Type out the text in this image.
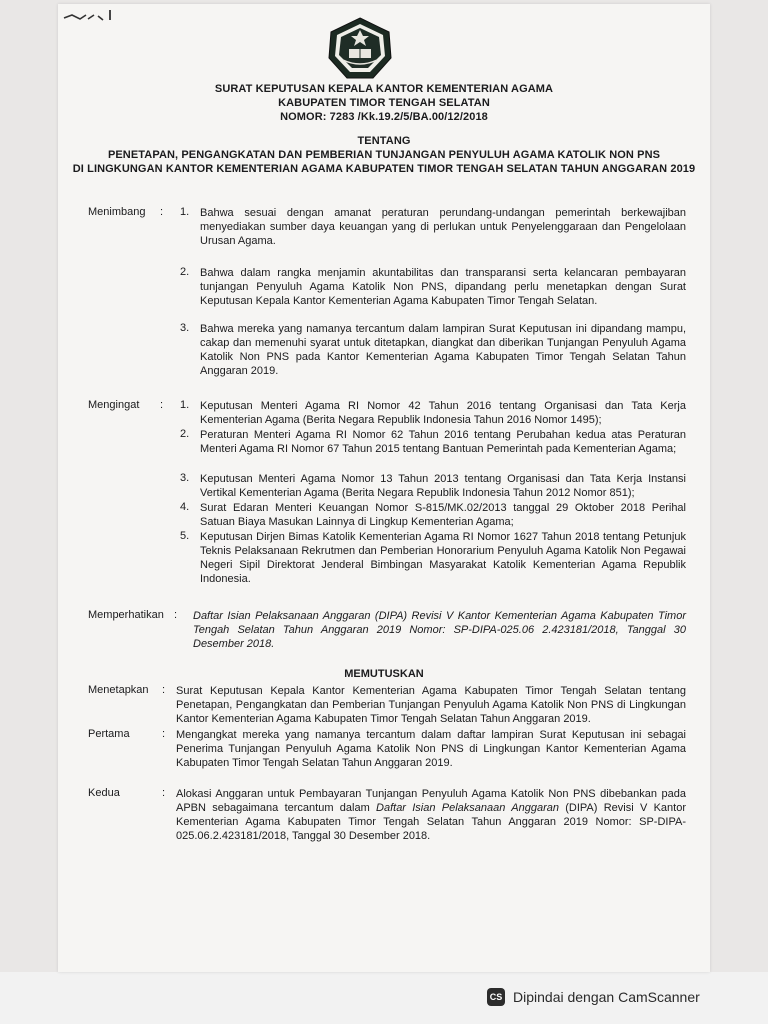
SURAT KEPUTUSAN KEPALA KANTOR KEMENTERIAN AGAMA
KABUPATEN TIMOR TENGAH SELATAN
NOMOR: 7283 /Kk.19.2/5/BA.00/12/2018
TENTANG
PENETAPAN, PENGANGKATAN DAN PEMBERIAN TUNJANGAN PENYULUH AGAMA KATOLIK NON PNS
DI LINGKUNGAN KANTOR KEMENTERIAN AGAMA KABUPATEN TIMOR TENGAH SELATAN TAHUN ANGGARAN 2019
Menimbang : 1. Bahwa sesuai dengan amanat peraturan perundang-undangan pemerintah berkewajiban menyediakan sumber daya keuangan yang di perlukan untuk Penyelenggaraan dan Pengelolaan Urusan Agama.
2. Bahwa dalam rangka menjamin akuntabilitas dan transparansi serta kelancaran pembayaran tunjangan Penyuluh Agama Katolik Non PNS, dipandang perlu menetapkan dengan Surat Keputusan Kepala Kantor Kementerian Agama Kabupaten Timor Tengah Selatan.
3. Bahwa mereka yang namanya tercantum dalam lampiran Surat Keputusan ini dipandang mampu, cakap dan memenuhi syarat untuk ditetapkan, diangkat dan diberikan Tunjangan Penyuluh Agama Katolik Non PNS pada Kantor Kementerian Agama Kabupaten Timor Tengah Selatan Tahun Anggaran 2019.
Mengingat : 1. Keputusan Menteri Agama RI Nomor 42 Tahun 2016 tentang Organisasi dan Tata Kerja Kementerian Agama (Berita Negara Republik Indonesia Tahun 2016 Nomor 1495);
2. Peraturan Menteri Agama RI Nomor 62 Tahun 2016 tentang Perubahan kedua atas Peraturan Menteri Agama RI Nomor 67 Tahun 2015 tentang Bantuan Pemerintah pada Kementerian Agama;
3. Keputusan Menteri Agama Nomor 13 Tahun 2013 tentang Organisasi dan Tata Kerja Instansi Vertikal Kementerian Agama (Berita Negara Republik Indonesia Tahun 2012 Nomor 851);
4. Surat Edaran Menteri Keuangan Nomor S-815/MK.02/2013 tanggal 29 Oktober 2018 Perihal Satuan Biaya Masukan Lainnya di Lingkup Kementerian Agama;
5. Keputusan Dirjen Bimas Katolik Kementerian Agama RI Nomor 1627 Tahun 2018 tentang Petunjuk Teknis Pelaksanaan Rekrutmen dan Pemberian Honorarium Penyuluh Agama Katolik Non Pegawai Negeri Sipil Direktorat Jenderal Bimbingan Masyarakat Katolik Kementerian Agama Republik Indonesia.
Memperhatikan : Daftar Isian Pelaksanaan Anggaran (DIPA) Revisi V Kantor Kementerian Agama Kabupaten Timor Tengah Selatan Tahun Anggaran 2019 Nomor: SP-DIPA-025.06 2.423181/2018, Tanggal 30 Desember 2018.
MEMUTUSKAN
Menetapkan : Surat Keputusan Kepala Kantor Kementerian Agama Kabupaten Timor Tengah Selatan tentang Penetapan, Pengangkatan dan Pemberian Tunjangan Penyuluh Agama Katolik Non PNS di Lingkungan Kantor Kementerian Agama Kabupaten Timor Tengah Selatan Tahun Anggaran 2019.
Pertama	: Mengangkat mereka yang namanya tercantum dalam daftar lampiran Surat Keputusan ini sebagai Penerima Tunjangan Penyuluh Agama Katolik Non PNS di Lingkungan Kantor Kementerian Agama Kabupaten Timor Tengah Selatan Tahun Anggaran 2019.
Kedua	: Alokasi Anggaran untuk Pembayaran Tunjangan Penyuluh Agama Katolik Non PNS dibebankan pada APBN sebagaimana tercantum dalam Daftar Isian Pelaksanaan Anggaran (DIPA) Revisi V Kantor Kementerian Agama Kabupaten Timor Tengah Selatan Tahun Anggaran 2019 Nomor: SP-DIPA-025.06.2.423181/2018, Tanggal 30 Desember 2018.
CS Dipindai dengan CamScanner
